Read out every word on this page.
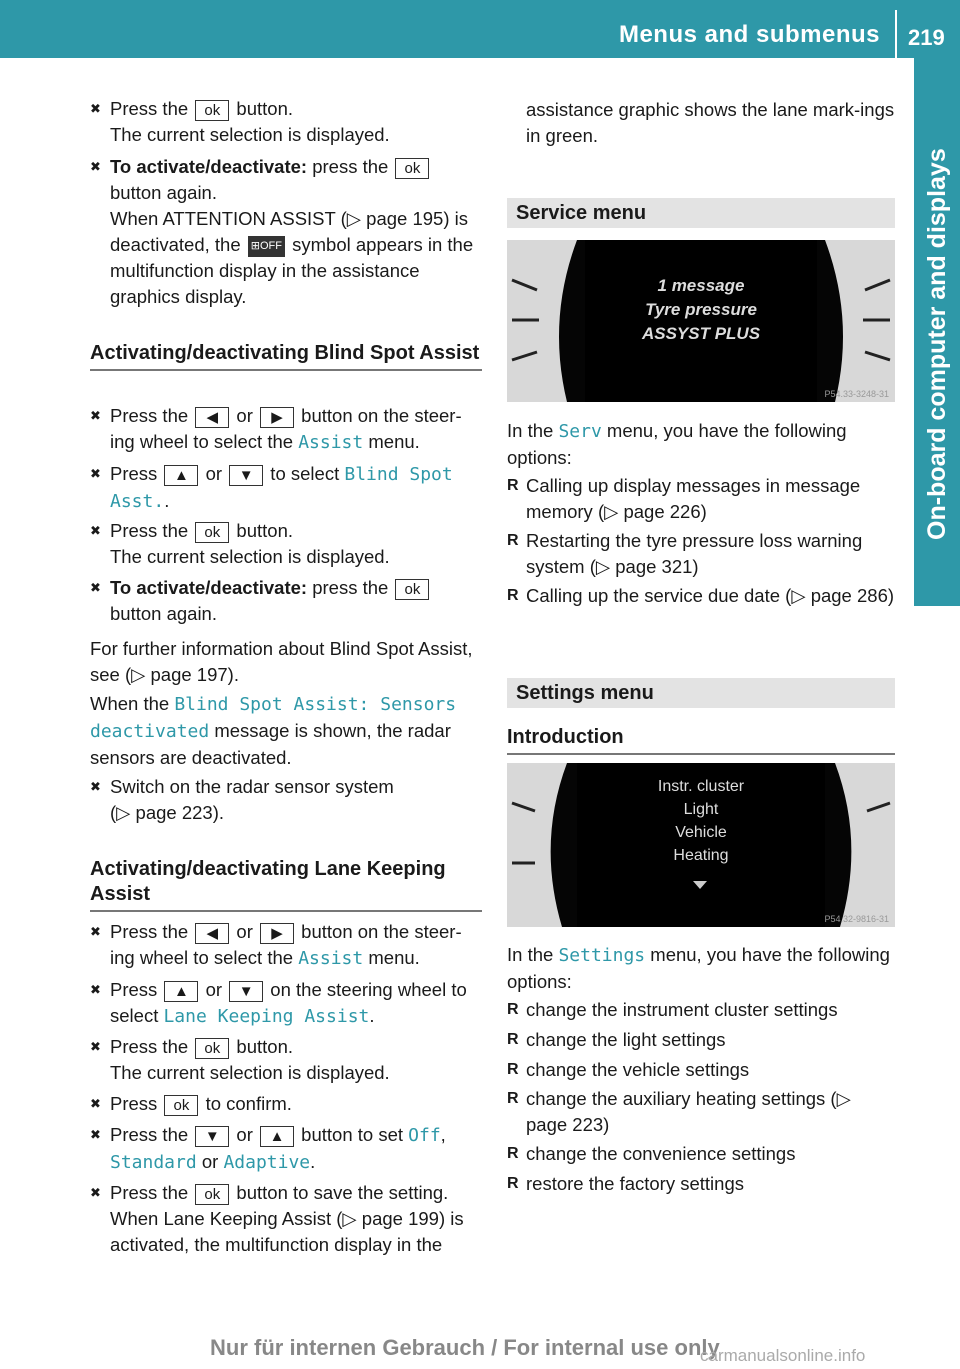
Menus and submenus 219
On-board computer and displays
✖ Press the ok button.
The current selection is displayed.
✖ To activate/deactivate: press the ok
button again.
When ATTENTION ASSIST (▷ page 195) is deactivated, the ⊞OFF symbol appears in the multifunction display in the assistance graphics display.
Activating/deactivating Blind Spot Assist
✖ Press the ◀ or ▶ button on the steer-ing wheel to select the Assist menu.
✖ Press ▲ or ▼ to select Blind Spot Asst..
✖ Press the ok button.
The current selection is displayed.
✖ To activate/deactivate: press the ok
button again.
For further information about Blind Spot Assist, see (▷ page 197).
When the Blind Spot Assist: Sensors deactivated message is shown, the radar sensors are deactivated.
✖ Switch on the radar sensor system
(▷ page 223).
Activating/deactivating Lane Keeping Assist
✖ Press the ◀ or ▶ button on the steer-ing wheel to select the Assist menu.
✖ Press ▲ or ▼ on the steering wheel to select Lane Keeping Assist.
✖ Press the ok button.
The current selection is displayed.
✖ Press ok to confirm.
✖ Press the ▼ or ▲ button to set Off,
Standard or Adaptive.
✖ Press the ok button to save the setting.
When Lane Keeping Assist (▷ page 199) is activated, the multifunction display in the
assistance graphic shows the lane mark-ings in green.
Service menu
1 message
Tyre pressure
ASSYST PLUS
P54.33-3248-31
In the Serv menu, you have the following options:
R Calling up display messages in message memory (▷ page 226)
R Restarting the tyre pressure loss warning system (▷ page 321)
R Calling up the service due date (▷ page 286)
Settings menu
Introduction
Instr. cluster
Light
Vehicle
Heating
P54.32-9816-31
In the Settings menu, you have the following options:
R change the instrument cluster settings
R change the light settings
R change the vehicle settings
R change the auxiliary heating settings (▷ page 223)
R change the convenience settings
R restore the factory settings
Nur für internen Gebrauch / For internal use only
carmanualsonline.info
